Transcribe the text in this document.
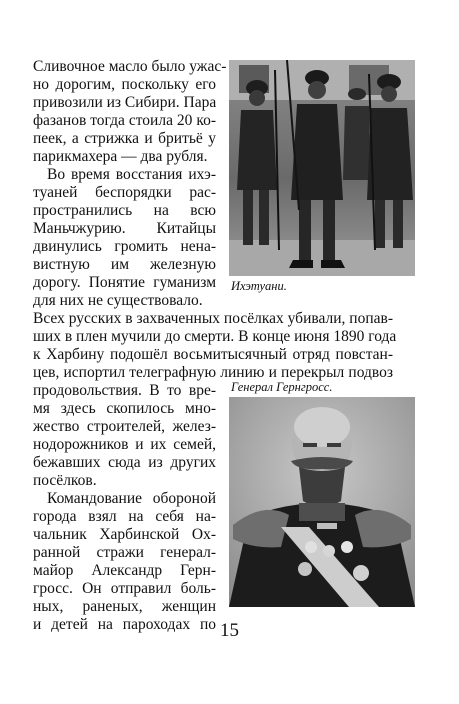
Сливочное масло было ужас-
но дорогим, поскольку его
привозили из Сибири. Пара
фазанов тогда стоила 20 ко-
пеек, а стрижка и бритьё у
парикмахера — два рубля.
Во время восстания ихэ-
туаней беспорядки рас-
пространились на всю
Маньчжурию. Китайцы
двинулись громить нена-
вистную им железную
дорогу. Понятие гуманизм
для них не существовало.
Всех русских в захваченных посёлках убивали, попав-
ших в плен мучили до смерти. В конце июня 1890 года
к Харбину подошёл восьмитысячный отряд повстан-
цев, испортил телеграфную линию и перекрыл подвоз
продовольствия. В то вре-
мя здесь скопилось мно-
жество строителей, желез-
нодорожников и их семей,
бежавших сюда из других
посёлков.
Командование обороной
города взял на себя на-
чальник Харбинской Ох-
ранной стражи генерал-
майор Александр Герн-
гросс. Он отправил боль-
ных, раненых, женщин
и детей на пароходах по
Ихэтуани.
Генерал Гернгросс.
15
